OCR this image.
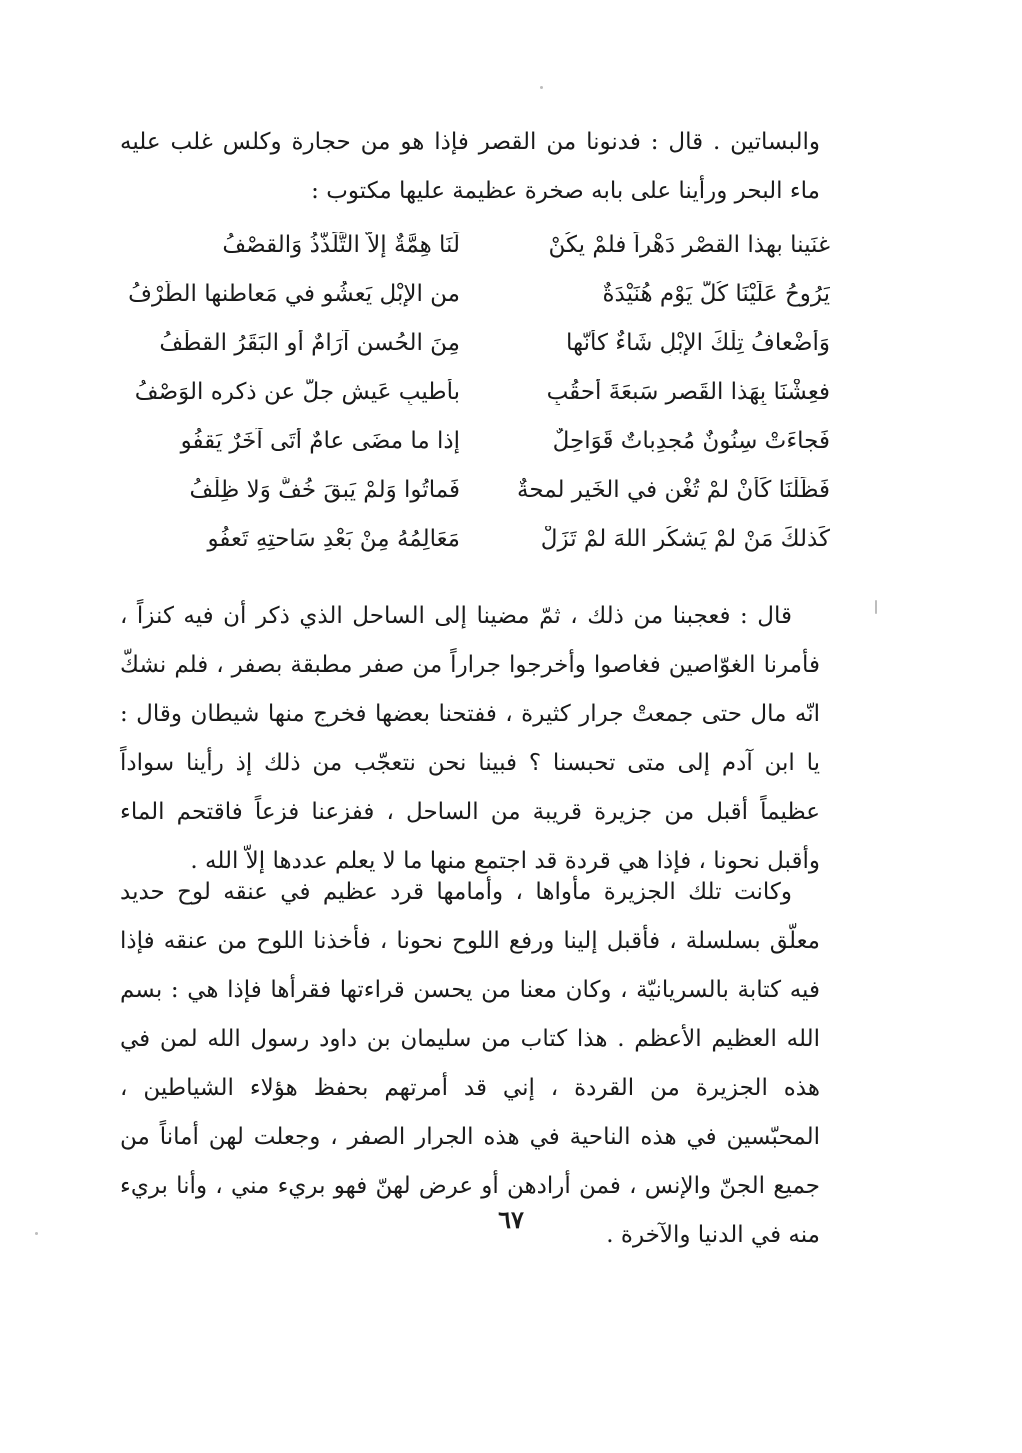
والبساتين . قال : فدنونا من القصر فإذا هو من حجارة وكلس غلب عليه ماء البحر ورأينا على بابه صخرة عظيمة عليها مكتوب :

غنَينا بهذا القصْرِ دَهْراً فلمْ يكُنْ
لَنَا هِمَّةٌ إلاّ التَّلَذُّذُ وَالقصْفُ
يَرُوحُ عَلَيْنَا كُلَّ يَوْمٍ هُنَيْدَةٌ
من الإبْلِ يَعشُو في مَعاطنها الطَّرْفُ
وَأضْعافُ تِلْكَ الإبْلِ شَاءٌ كأنّها
مِنَ الحُسنِ آرَامٌ أو البَقَرُ القطْفُ
فعِشْنَا بِهَذا القَصرِ سَبعَةَ أحقُبٍ
بأطيبِ عَيشٍ جلّ عن ذكره الوَصْفُ
فَجاءَتْ سِنُونٌ مُجدِباتٌ قَوَاحِلٌ
إذا ما مضَى عامٌ أتَى آخَرٌ يَقفُو
فَظَلْنَا كَأنْ لمْ تُغْنِ في الخَيرِ لمحةٌ
فَماتُوا وَلمْ يَبقَ خُفٌّ وَلا ظِلْفُ
كَذلكَ مَنْ لمْ يَشكُرِ اللهَ لمْ تَزَلْ
مَعَالِمُهُ مِنْ بَعْدِ سَاحتِهِ تَعفُو

قال : فعجبنا من ذلك ، ثمّ مضينا إلى الساحل الذي ذكر أن فيه كنزاً ، فأمرنا الغوّاصين فغاصوا وأخرجوا جراراً من صفر مطبقة بصفر ، فلم نشكّ انّه مال حتى جمعتْ جرار كثيرة ، ففتحنا بعضها فخرج منها شيطان وقال : يا ابن آدم إلى متى تحبسنا ؟ فبينا نحن نتعجّب من ذلك إذ رأينا سواداً عظيماً أقبل من جزيرة قريبة من الساحل ، ففزعنا فزعاً فاقتحم الماء وأقبل نحونا ، فإذا هي قردة قد اجتمع منها ما لا يعلم عددها إلاّ الله .

وكانت تلك الجزيرة مأواها ، وأمامها قرد عظيم في عنقه لوح حديد معلّق بسلسلة ، فأقبل إلينا ورفع اللوح نحونا ، فأخذنا اللوح من عنقه فإذا فيه كتابة بالسريانيّة ، وكان معنا من يحسن قراءتها فقرأها فإذا هي : بسم الله العظيم الأعظم . هذا كتاب من سليمان بن داود رسول الله لمن في هذه الجزيرة من القردة ، إني قد أمرتهم بحفظ هؤلاء الشياطين ، المحبّسين في هذه الناحية في هذه الجرار الصفر ، وجعلت لهن أماناً من جميع الجنّ والإنس ، فمن أرادهن أو عرض لهنّ فهو بريء مني ، وأنا بريء منه في الدنيا والآخرة .

٦٧
